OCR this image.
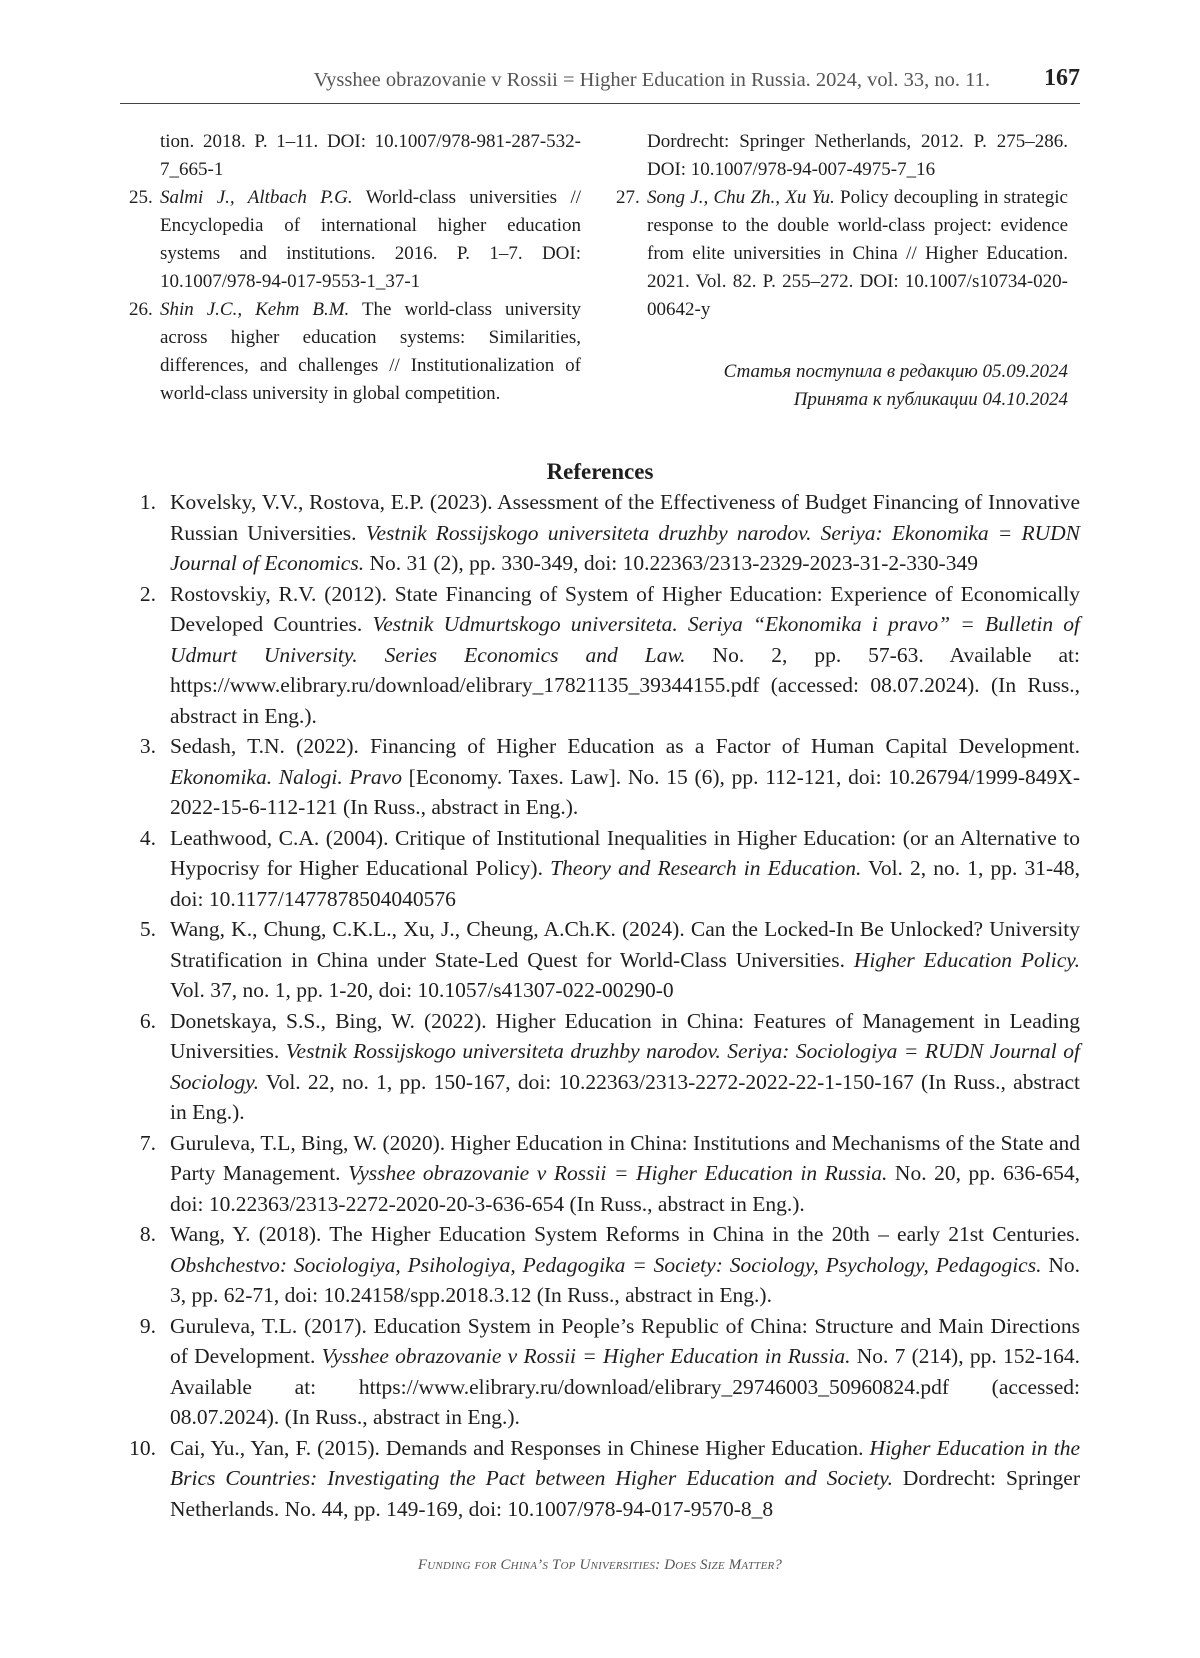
Vysshee obrazovanie v Rossii = Higher Education in Russia. 2024, vol. 33, no. 11. 167
tion. 2018. P. 1–11. DOI: 10.1007/978-981-287-532-7_665-1
25. Salmi J., Altbach P.G. World-class universities // Encyclopedia of international higher education systems and institutions. 2016. P. 1–7. DOI: 10.1007/978-94-017-9553-1_37-1
26. Shin J.C., Kehm B.M. The world-class university across higher education systems: Similarities, differences, and challenges // Institutionalization of world-class university in global competition.
Dordrecht: Springer Netherlands, 2012. P. 275–286. DOI: 10.1007/978-94-007-4975-7_16
27. Song J., Chu Zh., Xu Yu. Policy decoupling in strategic response to the double world-class project: evidence from elite universities in China // Higher Education. 2021. Vol. 82. P. 255–272. DOI: 10.1007/s10734-020-00642-y
Статья поступила в редакцию 05.09.2024
Принята к публикации 04.10.2024
References
1. Kovelsky, V.V., Rostova, E.P. (2023). Assessment of the Effectiveness of Budget Financing of Innovative Russian Universities. Vestnik Rossijskogo universiteta druzhby narodov. Seriya: Ekonomika = RUDN Journal of Economics. No. 31 (2), pp. 330-349, doi: 10.22363/2313-2329-2023-31-2-330-349
2. Rostovskiy, R.V. (2012). State Financing of System of Higher Education: Experience of Economically Developed Countries. Vestnik Udmurtskogo universiteta. Seriya “Ekonomika i pravo” = Bulletin of Udmurt University. Series Economics and Law. No. 2, pp. 57-63. Available at: https://www.elibrary.ru/download/elibrary_17821135_39344155.pdf (accessed: 08.07.2024). (In Russ., abstract in Eng.).
3. Sedash, T.N. (2022). Financing of Higher Education as a Factor of Human Capital Development. Ekonomika. Nalogi. Pravo [Economy. Taxes. Law]. No. 15 (6), pp. 112-121, doi: 10.26794/1999-849X-2022-15-6-112-121 (In Russ., abstract in Eng.).
4. Leathwood, C.A. (2004). Critique of Institutional Inequalities in Higher Education: (or an Alternative to Hypocrisy for Higher Educational Policy). Theory and Research in Education. Vol. 2, no. 1, pp. 31-48, doi: 10.1177/1477878504040576
5. Wang, K., Chung, C.K.L., Xu, J., Cheung, A.Ch.K. (2024). Can the Locked-In Be Unlocked? University Stratification in China under State-Led Quest for World-Class Universities. Higher Education Policy. Vol. 37, no. 1, pp. 1-20, doi: 10.1057/s41307-022-00290-0
6. Donetskaya, S.S., Bing, W. (2022). Higher Education in China: Features of Management in Leading Universities. Vestnik Rossijskogo universiteta druzhby narodov. Seriya: Sociologiya = RUDN Journal of Sociology. Vol. 22, no. 1, pp. 150-167, doi: 10.22363/2313-2272-2022-22-1-150-167 (In Russ., abstract in Eng.).
7. Guruleva, T.L, Bing, W. (2020). Higher Education in China: Institutions and Mechanisms of the State and Party Management. Vysshee obrazovanie v Rossii = Higher Education in Russia. No. 20, pp. 636-654, doi: 10.22363/2313-2272-2020-20-3-636-654 (In Russ., abstract in Eng.).
8. Wang, Y. (2018). The Higher Education System Reforms in China in the 20th – early 21st Centuries. Obshchestvo: Sociologiya, Psihologiya, Pedagogika = Society: Sociology, Psychology, Pedagogics. No. 3, pp. 62-71, doi: 10.24158/spp.2018.3.12 (In Russ., abstract in Eng.).
9. Guruleva, T.L. (2017). Education System in People’s Republic of China: Structure and Main Directions of Development. Vysshee obrazovanie v Rossii = Higher Education in Russia. No. 7 (214), pp. 152-164. Available at: https://www.elibrary.ru/download/elibrary_29746003_50960824.pdf (accessed: 08.07.2024). (In Russ., abstract in Eng.).
10. Cai, Yu., Yan, F. (2015). Demands and Responses in Chinese Higher Education. Higher Education in the Brics Countries: Investigating the Pact between Higher Education and Society. Dordrecht: Springer Netherlands. No. 44, pp. 149-169, doi: 10.1007/978-94-017-9570-8_8
Funding for China’s Top Universities: Does Size Matter?
